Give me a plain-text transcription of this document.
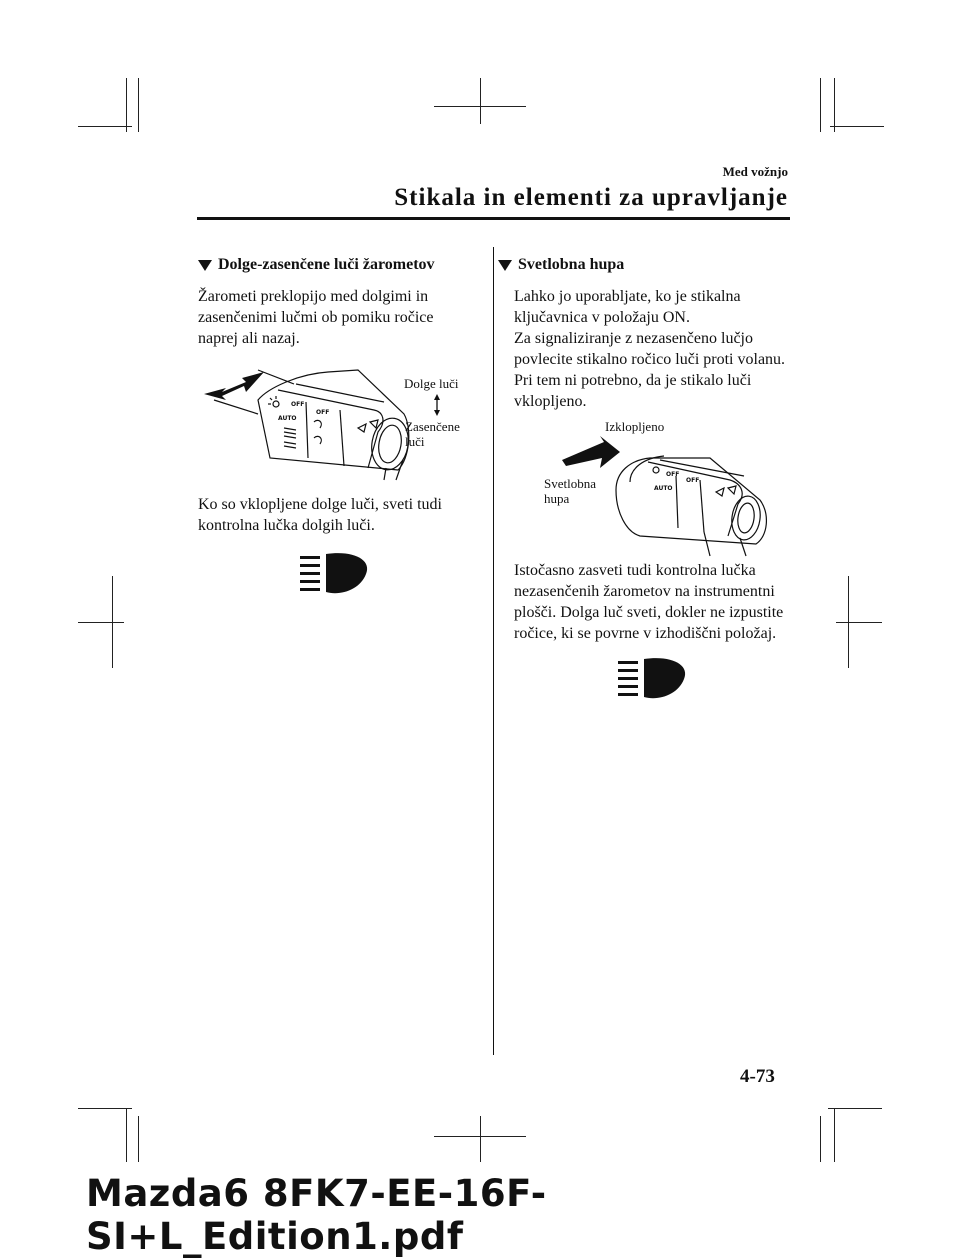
Med vožnjo
Stikala in elementi za upravljanje
Dolge-zasenčene luči žarometov

Žarometi preklopijo med dolgimi in

zasenčenimi lučmi ob pomiku ročice

naprej ali nazaj.

OFF
AUTO
OFF
Dolge luči
Zasenčene
luči

Ko so vklopljene dolge luči, sveti tudi

kontrolna lučka dolgih luči.

Svetlobna hupa

Lahko jo uporabljate, ko je stikalna

ključavnica v položaju ON.

Za signaliziranje z nezasenčeno lučjo

povlecite stikalno ročico luči proti volanu.

Pri tem ni potrebno, da je stikalo luči

vklopljeno.

OFF
AUTO
OFF
Izklopljeno
Svetlobna
hupa

Istočasno zasveti tudi kontrolna lučka

nezasenčenih žarometov na instrumentni

plošči. Dolga luč sveti, dokler ne izpustite

ročice, ki se povrne v izhodiščni položaj.

4-73
Mazda6 8FK7-EE-16F-SI+L_Edition1.pdf
